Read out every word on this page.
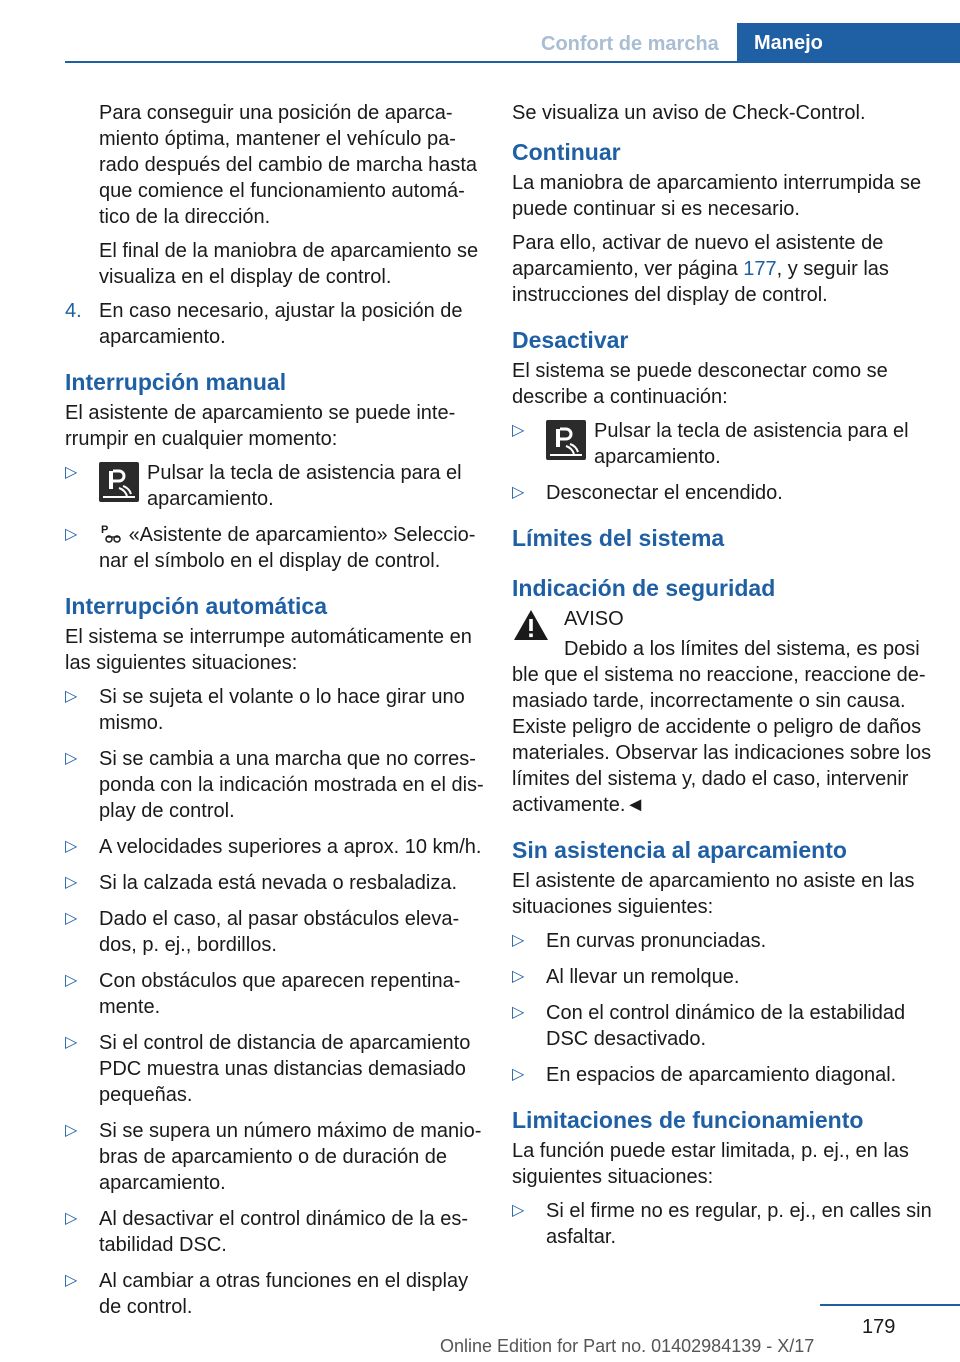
Confort de marcha	Manejo

Para conseguir una posición de aparcamiento óptima, mantener el vehículo parado después del cambio de marcha hasta que comience el funcionamiento automático de la dirección.

El final de la maniobra de aparcamiento se visualiza en el display de control.

4. En caso necesario, ajustar la posición de aparcamiento.
Interrupción manual

El asistente de aparcamiento se puede interrumpir en cualquier momento:

▷	Pulsar la tecla de asistencia para el aparcamiento.
▷ P «Asistente de aparcamiento» Seleccionar el símbolo en el display de control.
Interrupción automática

El sistema se interrumpe automáticamente en las siguientes situaciones:

▷ Si se sujeta el volante o lo hace girar uno mismo.
▷ Si se cambia a una marcha que no corresponda con la indicación mostrada en el display de control.
▷ A velocidades superiores a aprox. 10 km/h.
▷ Si la calzada está nevada o resbaladiza.
▷ Dado el caso, al pasar obstáculos elevados, p. ej., bordillos.
▷ Con obstáculos que aparecen repentinamente.
▷ Si el control de distancia de aparcamiento PDC muestra unas distancias demasiado pequeñas.
▷ Si se supera un número máximo de maniobras de aparcamiento o de duración de aparcamiento.
▷ Al desactivar el control dinámico de la estabilidad DSC.
▷ Al cambiar a otras funciones en el display de control.

Se visualiza un aviso de Check-Control.

Continuar

La maniobra de aparcamiento interrumpida se puede continuar si es necesario.

Para ello, activar de nuevo el asistente de aparcamiento, ver página 177, y seguir las instrucciones del display de control.

Desactivar

El sistema se puede desconectar como se describe a continuación:

▷	Pulsar la tecla de asistencia para el aparcamiento.
▷ Desconectar el encendido.
Límites del sistema
Indicación de seguridad
AVISO
Debido a los límites del sistema, es posi

ble que el sistema no reaccione, reaccione demasiado tarde, incorrectamente o sin causa. Existe peligro de accidente o peligro de daños materiales. Observar las indicaciones sobre los límites del sistema y, dado el caso, intervenir activamente.◄

Sin asistencia al aparcamiento

El asistente de aparcamiento no asiste en las situaciones siguientes:

▷ En curvas pronunciadas.
▷ Al llevar un remolque.
▷ Con el control dinámico de la estabilidad DSC desactivado.
▷ En espacios de aparcamiento diagonal.
Limitaciones de funcionamiento

La función puede estar limitada, p. ej., en las siguientes situaciones:

▷ Si el firme no es regular, p. ej., en calles sin asfaltar.
179
Online Edition for Part no. 01402984139 - X/17
